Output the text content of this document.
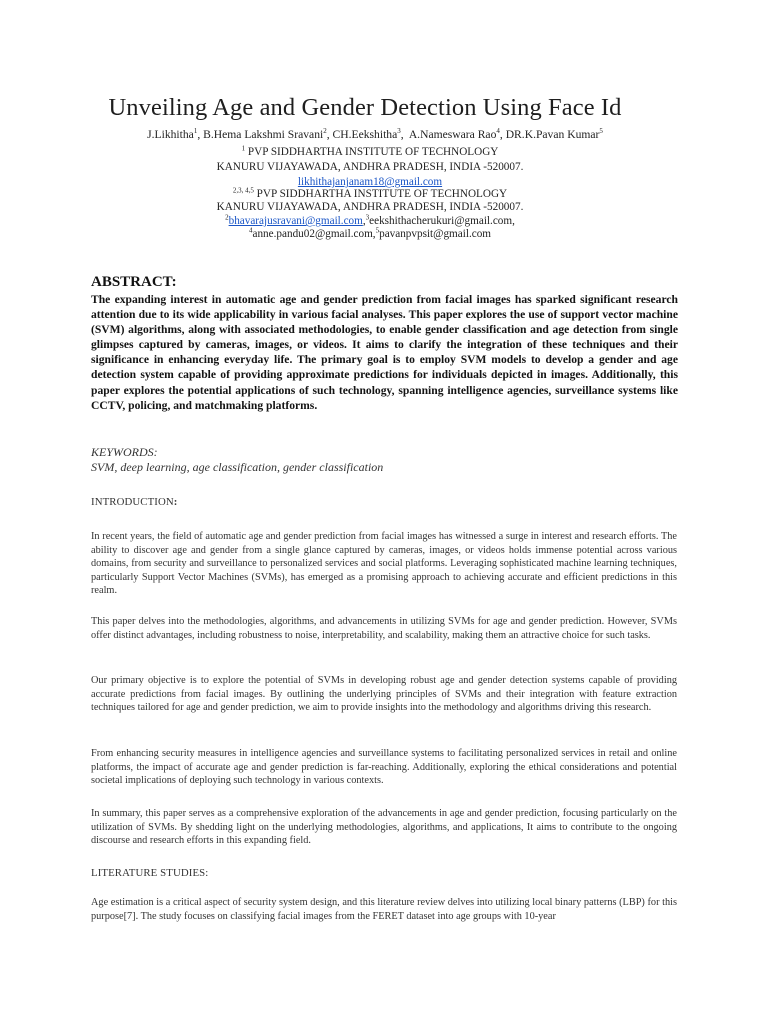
Unveiling Age and Gender Detection Using Face Id
J.Likhitha$^1$, B.Hema Lakshmi Sravani$^2$, CH.Eekshitha$^3$,  A.Nameswara Rao$^4$, DR.K.Pavan Kumar$^5$
$^1$ PVP SIDDHARTHA INSTITUTE OF TECHNOLOGY
KANURU VIJAYAWADA, ANDHRA PRADESH, INDIA -520007.
likhithajanjanam18@gmail.com
$^{2,3, 4,5}$ PVP SIDDHARTHA INSTITUTE OF TECHNOLOGY
KANURU VIJAYAWADA, ANDHRA PRADESH, INDIA -520007.
$^2$bhavarajusravani@gmail.com,$^3$eekshithacherukuri@gmail.com,
$^4$anne.pandu02@gmail.com,$^5$pavanpvpsit@gmail.com
ABSTRACT:
The expanding interest in automatic age and gender prediction from facial images has sparked significant research attention due to its wide applicability in various facial analyses. This paper explores the use of support vector machine (SVM) algorithms, along with associated methodologies, to enable gender classification and age detection from single glimpses captured by cameras, images, or videos. It aims to clarify the integration of these techniques and their significance in enhancing everyday life. The primary goal is to employ SVM models to develop a gender and age detection system capable of providing approximate predictions for individuals depicted in images. Additionally, this paper explores the potential applications of such technology, spanning intelligence agencies, surveillance systems like CCTV, policing, and matchmaking platforms.
KEYWORDS:
SVM, deep learning, age classification, gender classification
INTRODUCTION:
In recent years, the field of automatic age and gender prediction from facial images has witnessed a surge in interest and research efforts. The ability to discover age and gender from a single glance captured by cameras, images, or videos holds immense potential across various domains, from security and surveillance to personalized services and social platforms. Leveraging sophisticated machine learning techniques, particularly Support Vector Machines (SVMs), has emerged as a promising approach to achieving accurate and efficient predictions in this realm.
This paper delves into the methodologies, algorithms, and advancements in utilizing SVMs for age and gender prediction. However, SVMs offer distinct advantages, including robustness to noise, interpretability, and scalability, making them an attractive choice for such tasks.
Our primary objective is to explore the potential of SVMs in developing robust age and gender detection systems capable of providing accurate predictions from facial images. By outlining the underlying principles of SVMs and their integration with feature extraction techniques tailored for age and gender prediction, we aim to provide insights into the methodology and algorithms driving this research.
From enhancing security measures in intelligence agencies and surveillance systems to facilitating personalized services in retail and online platforms, the impact of accurate age and gender prediction is far-reaching. Additionally, exploring the ethical considerations and potential societal implications of deploying such technology in various contexts.
In summary, this paper serves as a comprehensive exploration of the advancements in age and gender prediction, focusing particularly on the utilization of SVMs. By shedding light on the underlying methodologies, algorithms, and applications, It aims to contribute to the ongoing discourse and research efforts in this expanding field.
LITERATURE STUDIES:
Age estimation is a critical aspect of security system design, and this literature review delves into utilizing local binary patterns (LBP) for this purpose[7]. The study focuses on classifying facial images from the FERET dataset into age groups with 10-year
